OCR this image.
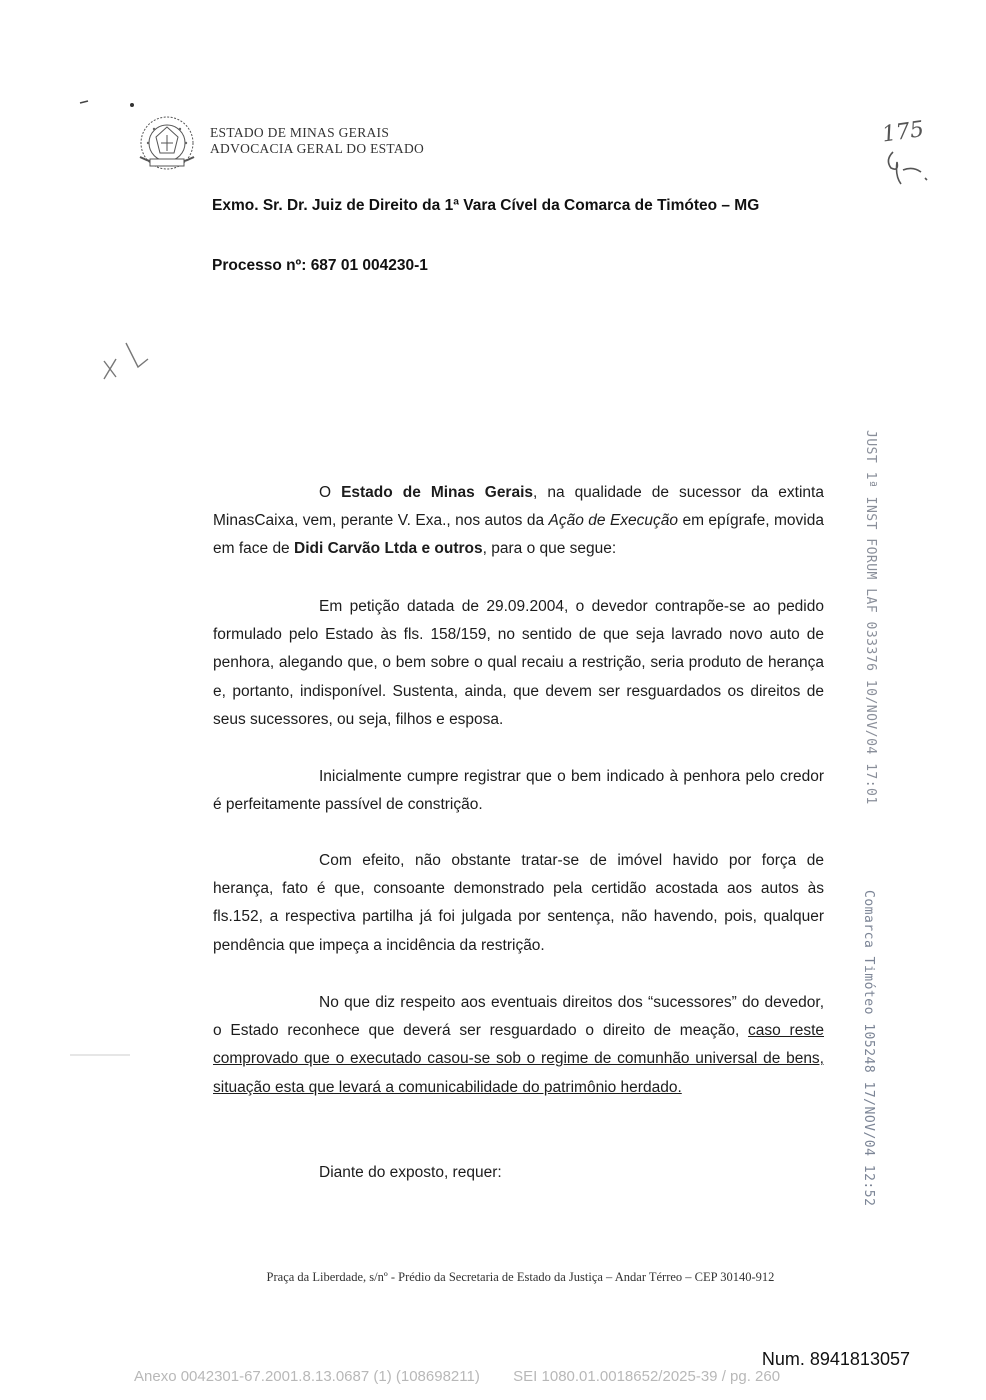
ESTADO DE MINAS GERAIS
ADVOCACIA GERAL DO ESTADO
175
Exmo. Sr. Dr. Juiz de Direito da 1ª Vara Cível da Comarca de Timóteo – MG
Processo nº: 687 01 004230-1
O Estado de Minas Gerais, na qualidade de sucessor da extinta MinasCaixa, vem, perante V. Exa., nos autos da Ação de Execução em epígrafe, movida em face de Didi Carvão Ltda e outros, para o que segue:
Em petição datada de 29.09.2004, o devedor contrapõe-se ao pedido formulado pelo Estado às fls. 158/159, no sentido de que seja lavrado novo auto de penhora, alegando que, o bem sobre o qual recaiu a restrição, seria produto de herança e, portanto, indisponível. Sustenta, ainda, que devem ser resguardados os direitos de seus sucessores, ou seja, filhos e esposa.
Inicialmente cumpre registrar que o bem indicado à penhora pelo credor é perfeitamente passível de constrição.
Com efeito, não obstante tratar-se de imóvel havido por força de herança, fato é que, consoante demonstrado pela certidão acostada aos autos às fls.152, a respectiva partilha já foi julgada por sentença, não havendo, pois, qualquer pendência que impeça a incidência da restrição.
No que diz respeito aos eventuais direitos dos “sucessores” do devedor, o Estado reconhece que deverá ser resguardado o direito de meação, caso reste comprovado que o executado casou-se sob o regime de comunhão universal de bens, situação esta que levará a comunicabilidade do patrimônio herdado.
Diante do exposto, requer:
JUST 1ª INST FORUM LAF 033376 10/NOV/04 17:01
Comarca Timóteo 105248 17/NOV/04 12:52
Praça da Liberdade, s/nº - Prédio da Secretaria de Estado da Justiça – Andar Térreo – CEP 30140-912
Num. 8941813057
Anexo 0042301-67.2001.8.13.0687 (1) (108698211)        SEI 1080.01.0018652/2025-39 / pg. 260
